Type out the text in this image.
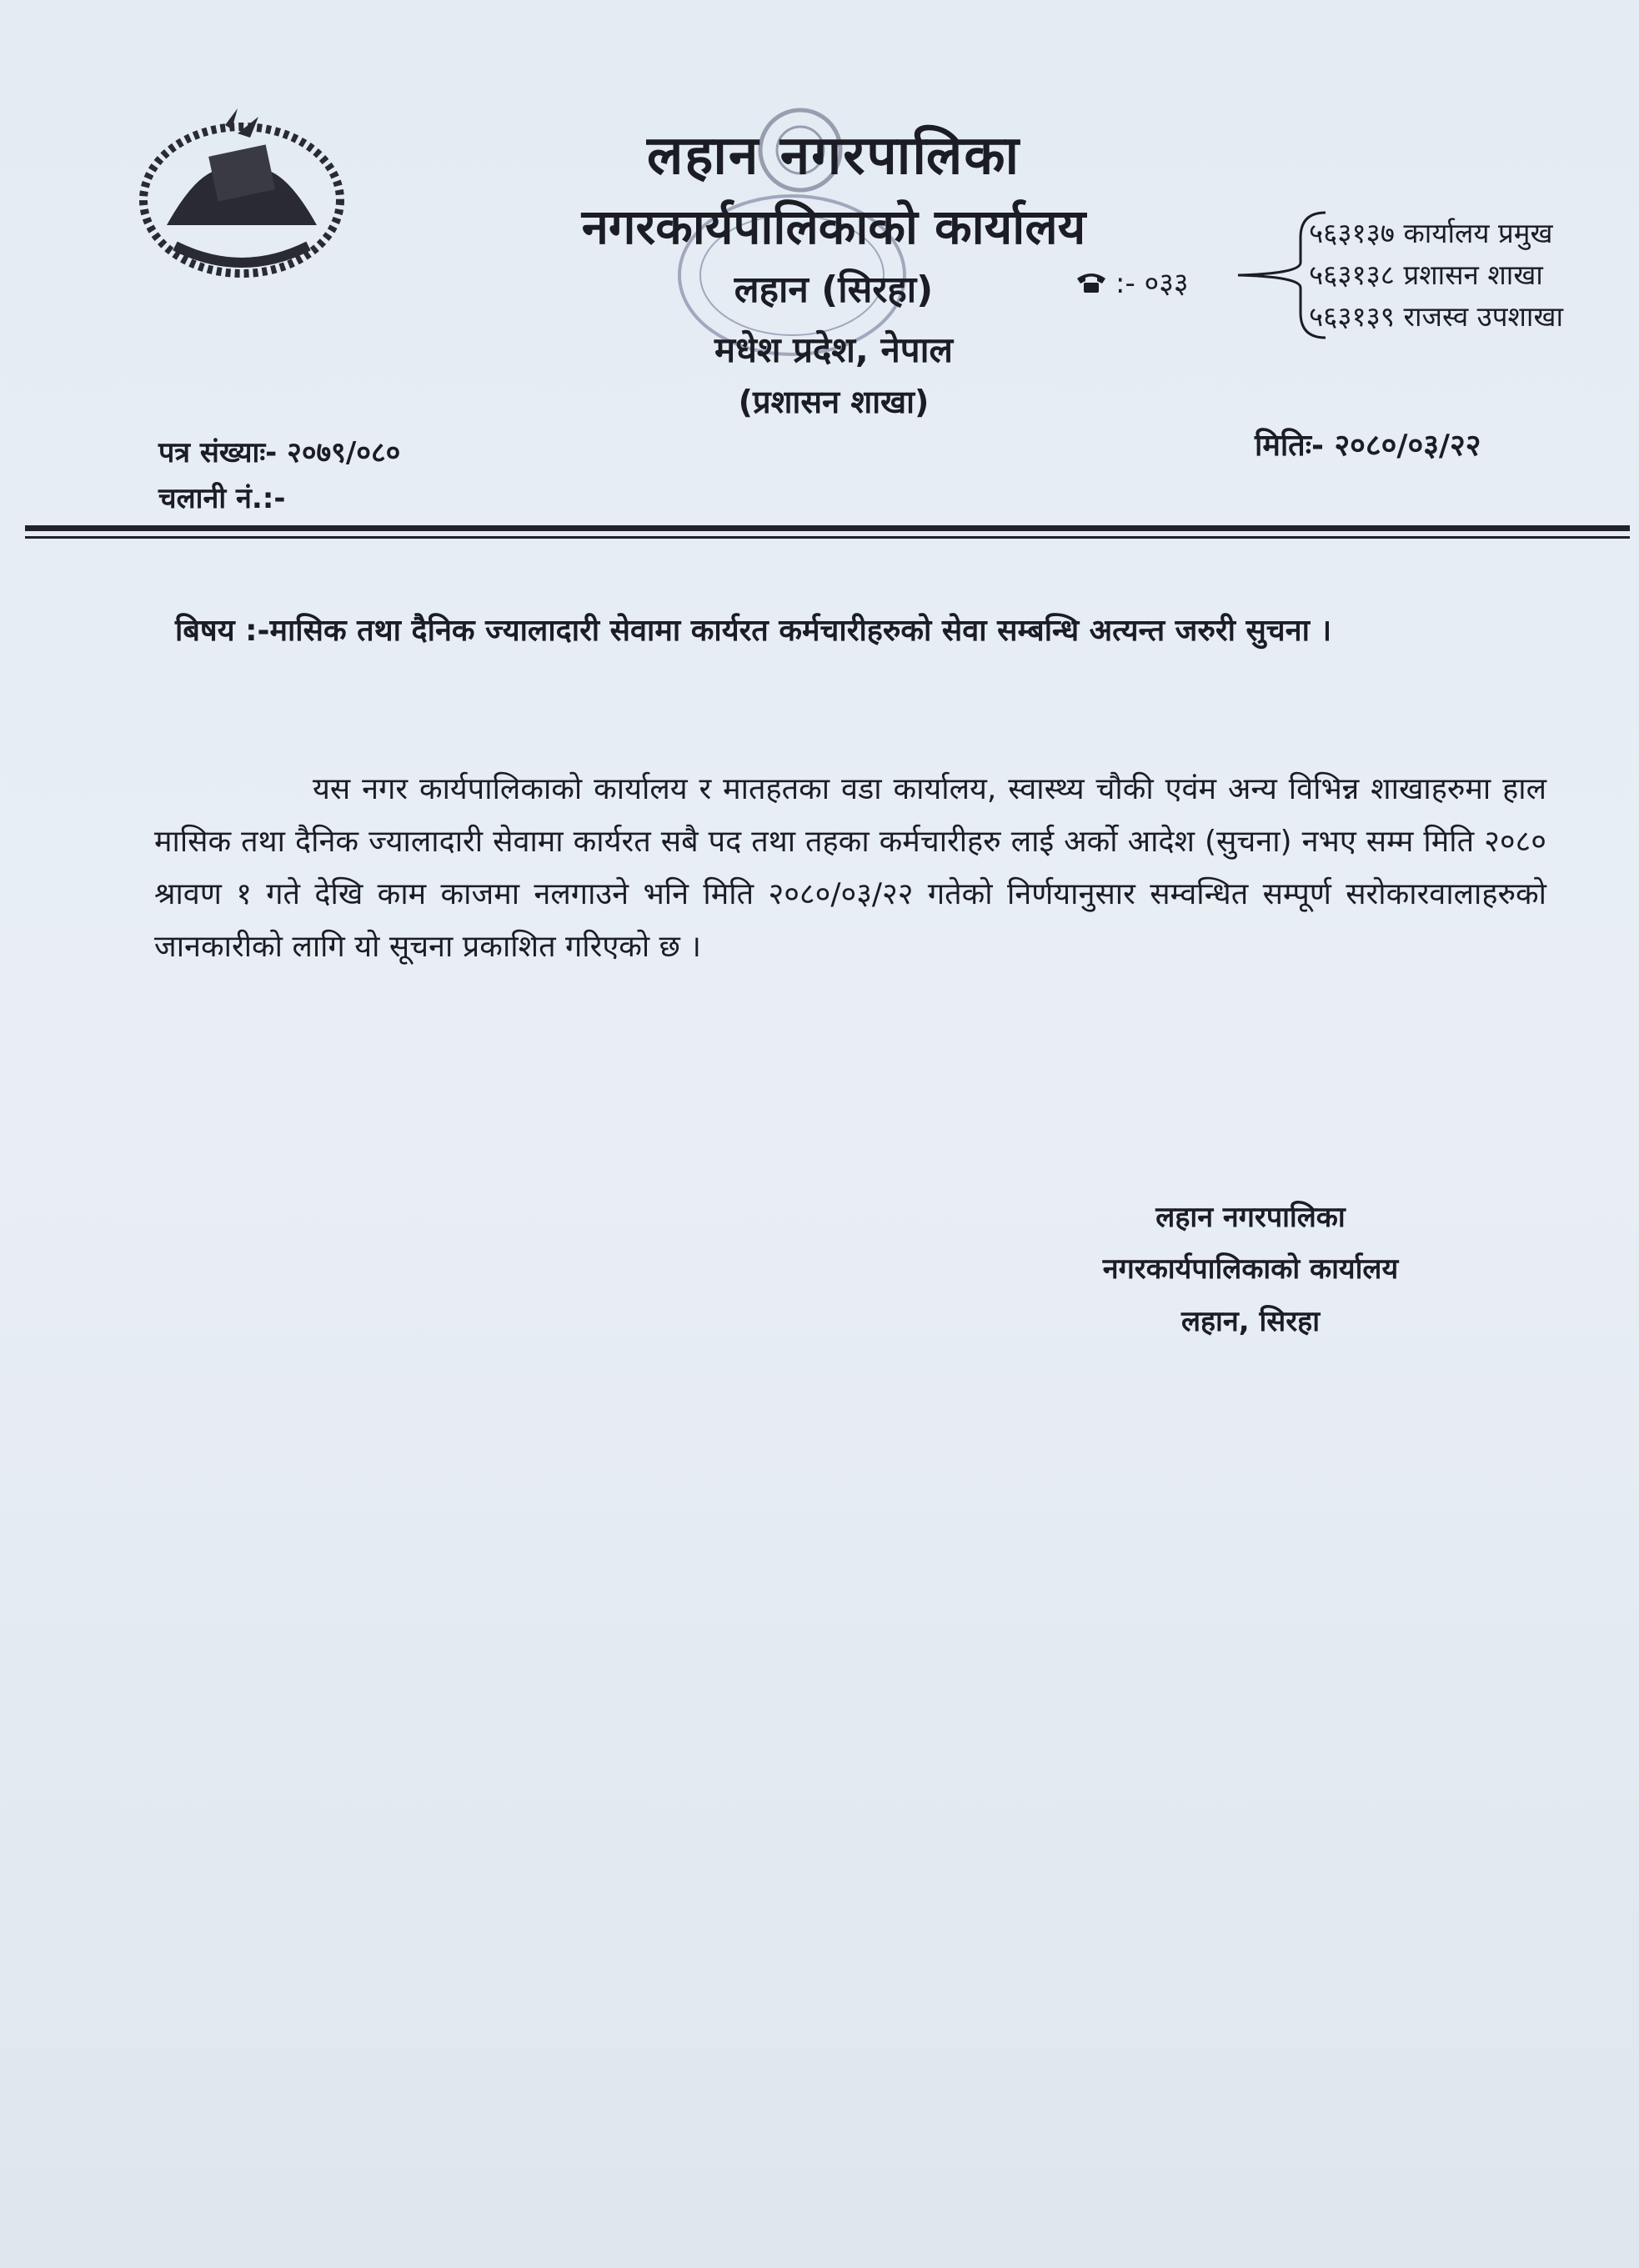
लहान नगरपालिका
नगरकार्यपालिकाको कार्यालय
लहान (सिरहा)
मधेश प्रदेश, नेपाल
(प्रशासन शाखा)
:- ०३३
५६३१३७ कार्यालय प्रमुख
५६३१३८ प्रशासन शाखा
५६३१३९ राजस्व उपशाखा
पत्र संख्याः- २०७९/०८०
चलानी नं.:-
मितिः- २०८०/०३/२२
बिषय :-मासिक तथा दैनिक ज्यालादारी सेवामा कार्यरत कर्मचारीहरुको सेवा सम्बन्धि अत्यन्त जरुरी सुचना ।
यस नगर कार्यपालिकाको कार्यालय र मातहतका वडा कार्यालय, स्वास्थ्य चौकी एवंम अन्य विभिन्न शाखाहरुमा हाल मासिक तथा दैनिक ज्यालादारी सेवामा कार्यरत सबै पद तथा तहका कर्मचारीहरु लाई अर्को आदेश (सुचना) नभए सम्म मिति २०८० श्रावण १ गते देखि काम काजमा नलगाउने भनि मिति २०८०/०३/२२ गतेको निर्णयानुसार सम्वन्धित सम्पूर्ण सरोकारवालाहरुको जानकारीको लागि यो सूचना प्रकाशित गरिएको छ ।
लहान नगरपालिका
नगरकार्यपालिकाको कार्यालय
लहान, सिरहा
